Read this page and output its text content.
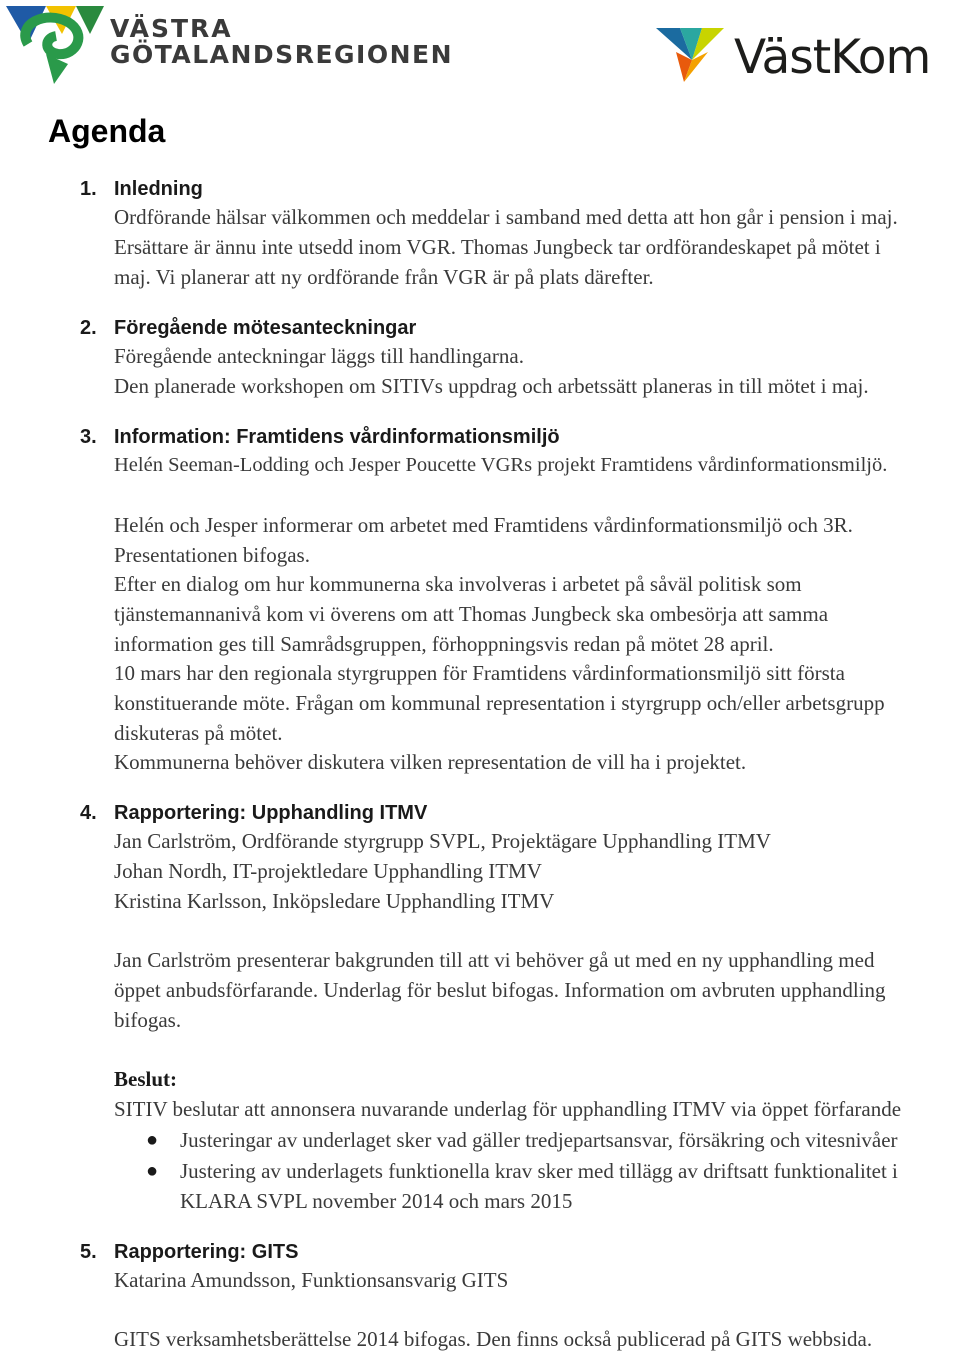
VÄSTRA
GÖTALANDSREGIONEN	VästKom
Agenda
1. Inledning
Ordförande hälsar välkommen och meddelar i samband med detta att hon går i pension i maj.
Ersättare är ännu inte utsedd inom VGR. Thomas Jungbeck tar ordförandeskapet på mötet i
maj. Vi planerar att ny ordförande från VGR är på plats därefter.
2. Föregående mötesanteckningar
Föregående anteckningar läggs till handlingarna.
Den planerade workshopen om SITIVs uppdrag och arbetssätt planeras in till mötet i maj.
3. Information: Framtidens vårdinformationsmiljö
Helén Seeman-Lodding och Jesper Poucette VGRs projekt Framtidens vårdinformationsmiljö.
Helén och Jesper informerar om arbetet med Framtidens vårdinformationsmiljö och 3R.
Presentationen bifogas.
Efter en dialog om hur kommunerna ska involveras i arbetet på såväl politisk som
tjänstemannanivå kom vi överens om att Thomas Jungbeck ska ombesörja att samma
information ges till Samrådsgruppen, förhoppningsvis redan på mötet 28 april.
10 mars har den regionala styrgruppen för Framtidens vårdinformationsmiljö sitt första
konstituerande möte. Frågan om kommunal representation i styrgrupp och/eller arbetsgrupp
diskuteras på mötet.
Kommunerna behöver diskutera vilken representation de vill ha i projektet.
4. Rapportering: Upphandling ITMV
Jan Carlström, Ordförande styrgrupp SVPL, Projektägare Upphandling ITMV
Johan Nordh, IT-projektledare Upphandling ITMV
Kristina Karlsson, Inköpsledare Upphandling ITMV
Jan Carlström presenterar bakgrunden till att vi behöver gå ut med en ny upphandling med
öppet anbudsförfarande. Underlag för beslut bifogas. Information om avbruten upphandling
bifogas.
Beslut:
SITIV beslutar att annonsera nuvarande underlag för upphandling ITMV via öppet förfarande
● Justeringar av underlaget sker vad gäller tredjepartsansvar, försäkring och vitesnivåer
● Justering av underlagets funktionella krav sker med tillägg av driftsatt funktionalitet i
KLARA SVPL november 2014 och mars 2015
5. Rapportering: GITS
Katarina Amundsson, Funktionsansvarig GITS
GITS verksamhetsberättelse 2014 bifogas. Den finns också publicerad på GITS webbsida.
